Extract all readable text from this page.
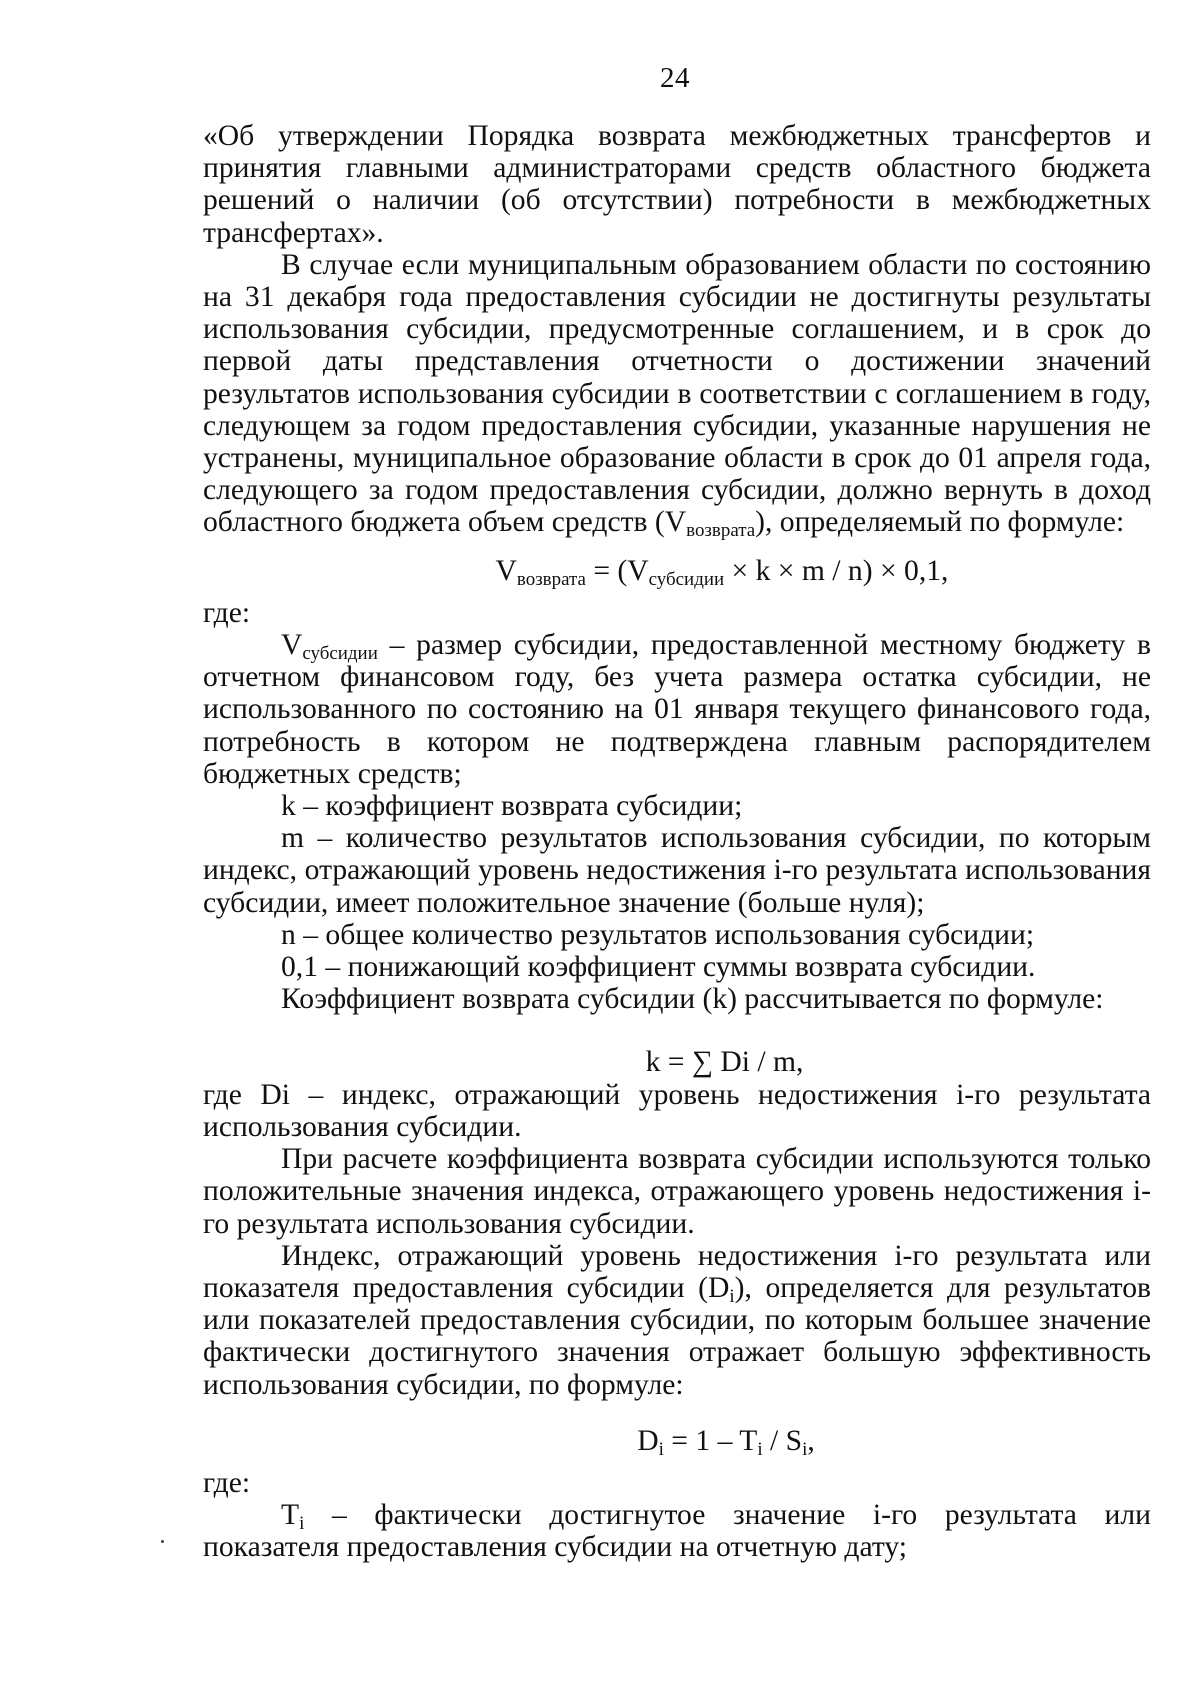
24

«Об утверждении Порядка возврата межбюджетных трансфертов и принятия главными администраторами средств областного бюджета решений о наличии (об отсутствии) потребности в межбюджетных трансфертах».

В случае если муниципальным образованием области по состоянию на 31 декабря года предоставления субсидии не достигнуты результаты использования субсидии, предусмотренные соглашением, и в срок до первой даты представления отчетности о достижении значений результатов использования субсидии в соответствии с соглашением в году, следующем за годом предоставления субсидии, указанные нарушения не устранены, муниципальное образование области в срок до 01 апреля года, следующего за годом предоставления субсидии, должно вернуть в доход областного бюджета объем средств $(V_{возврата})$, определяемый по формуле:

$V_{возврата} = (V_{субсидии} \times k \times m / n) \times 0,1$,

где:

$V_{субсидии}$ – размер субсидии, предоставленной местному бюджету в отчетном финансовом году, без учета размера остатка субсидии, не использованного по состоянию на 01 января текущего финансового года, потребность в котором не подтверждена главным распорядителем бюджетных средств;

k – коэффициент возврата субсидии;

m – количество результатов использования субсидии, по которым индекс, отражающий уровень недостижения i-го результата использования субсидии, имеет положительное значение (больше нуля);

n – общее количество результатов использования субсидии;

0,1 – понижающий коэффициент суммы возврата субсидии.

Коэффициент возврата субсидии (k) рассчитывается по формуле:

k = ∑ Di / m,

где Di – индекс, отражающий уровень недостижения i-го результата использования субсидии.

При расчете коэффициента возврата субсидии используются только положительные значения индекса, отражающего уровень недостижения i-го результата использования субсидии.

Индекс, отражающий уровень недостижения i-го результата или показателя предоставления субсидии $(D_i)$, определяется для результатов или показателей предоставления субсидии, по которым большее значение фактически достигнутого значения отражает большую эффективность использования субсидии, по формуле:

$D_i = 1 - T_i / S_i$,

где:

$T_i$ – фактически достигнутое значение i-го результата или показателя предоставления субсидии на отчетную дату;
